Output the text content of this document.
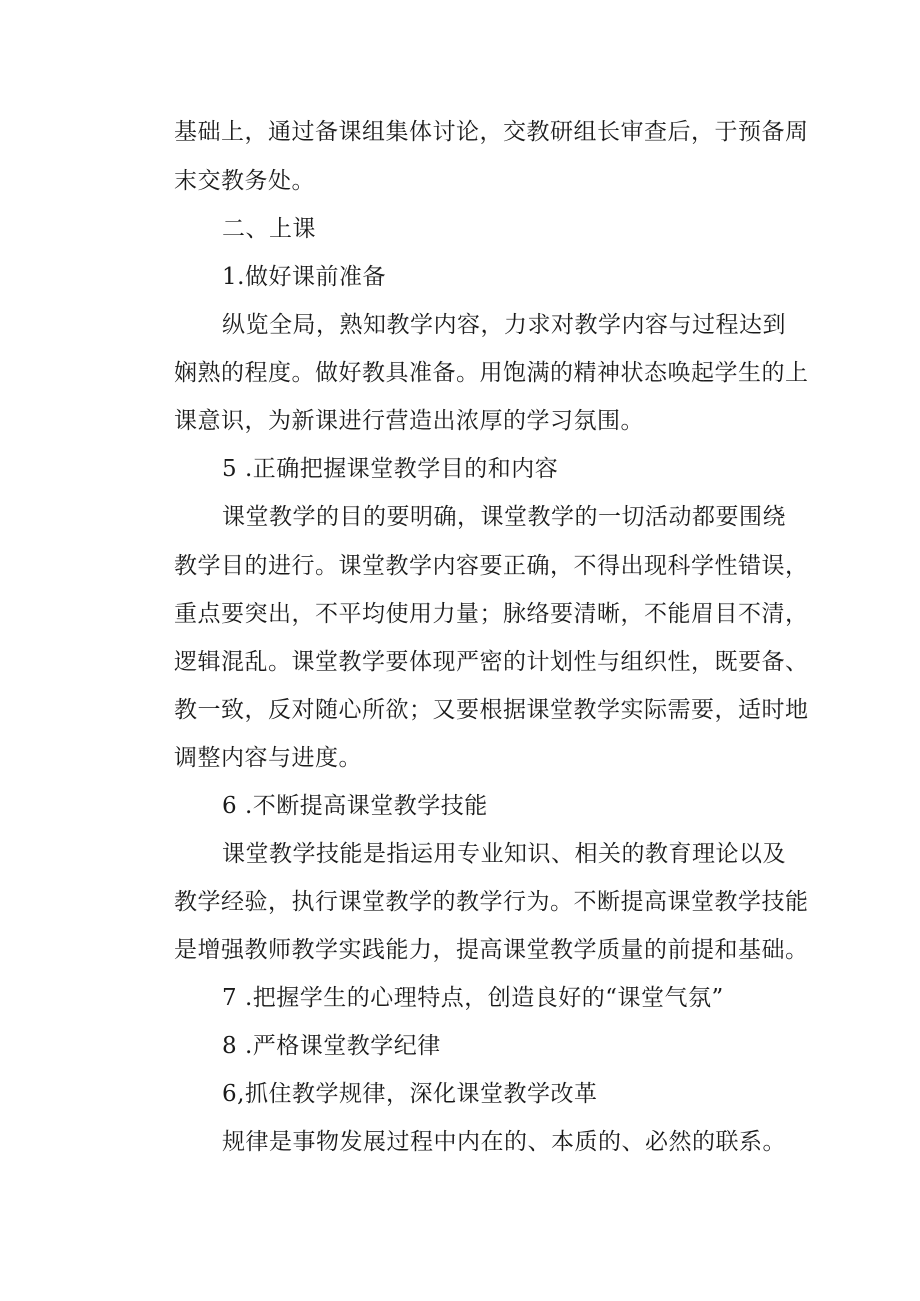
基础上，通过备课组集体讨论，交教研组长审查后，于预备周
末交教务处。
二、上课
1.做好课前准备
纵览全局，熟知教学内容，力求对教学内容与过程达到
娴熟的程度。做好教具准备。用饱满的精神状态唤起学生的上
课意识，为新课进行营造出浓厚的学习氛围。
5 .正确把握课堂教学目的和内容
课堂教学的目的要明确，课堂教学的一切活动都要围绕
教学目的进行。课堂教学内容要正确，不得出现科学性错误，
重点要突出，不平均使用力量；脉络要清晰，不能眉目不清，
逻辑混乱。课堂教学要体现严密的计划性与组织性，既要备、
教一致，反对随心所欲；又要根据课堂教学实际需要，适时地
调整内容与进度。
6 .不断提高课堂教学技能
课堂教学技能是指运用专业知识、相关的教育理论以及
教学经验，执行课堂教学的教学行为。不断提高课堂教学技能
是增强教师教学实践能力，提高课堂教学质量的前提和基础。
7 .把握学生的心理特点，创造良好的“课堂气氛”
8 .严格课堂教学纪律
6,抓住教学规律，深化课堂教学改革
规律是事物发展过程中内在的、本质的、必然的联系。
